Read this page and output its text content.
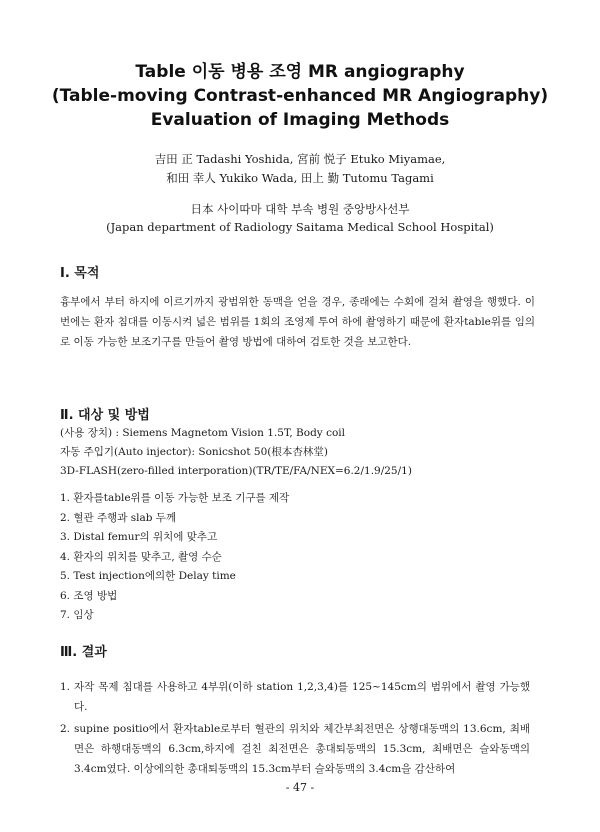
Table 이동 병용 조영 MR angiography
(Table-moving Contrast-enhanced MR Angiography)
Evaluation of Imaging Methods
吉田 正 Tadashi Yoshida, 宮前 悦子 Etuko Miyamae,
和田 幸人 Yukiko Wada, 田上 勤 Tutomu Tagami
日本 사이따마 대학 부속 병원 중앙방사선부
(Japan department of Radiology Saitama Medical School Hospital)
Ⅰ. 목적
흉부에서 부터 하지에 이르기까지 광범위한 동맥을 얻을 경우, 종래에는 수회에 걸쳐 촬영을 행했다. 이번에는 환자 침대를 이동시켜 넓은 범위를 1회의 조영제 투여 하에 촬영하기 때문에 환자table위를 임의로 이동 가능한 보조기구를 만들어 촬영 방법에 대하여 검토한 것을 보고한다.
Ⅱ. 대상 및 방법
(사용 장치) : Siemens Magnetom Vision 1.5T, Body coil
자동 주입기(Auto injector): Sonicshot 50(根本杏林堂)
3D-FLASH(zero-filled interporation)(TR/TE/FA/NEX=6.2/1.9/25/1)
1. 환자를table위를 이동 가능한 보조 기구를 제작
2. 혈관 주행과 slab 두께
3. Distal femur의 위치에 맞추고
4. 환자의 위치를 맞추고, 촬영 수순
5. Test injection에의한 Delay time
6. 조영 방법
7. 임상
Ⅲ. 결과
1. 자작 목제 침대를 사용하고 4부위(이하 station 1,2,3,4)를 125~145cm의 범위에서 촬영 가능했다.
2. supine positio에서 환자table로부터 혈관의 위치와 체간부최전면은 상행대동맥의 13.6cm, 최배면은 하행대동맥의 6.3cm,하지에 걸친 최전면은 총대퇴동맥의 15.3cm, 최배면은 슬와동맥의3.4cm였다. 이상에의한 총대퇴동맥의 15.3cm부터 슬와동맥의 3.4cm을 감산하여
- 47 -
